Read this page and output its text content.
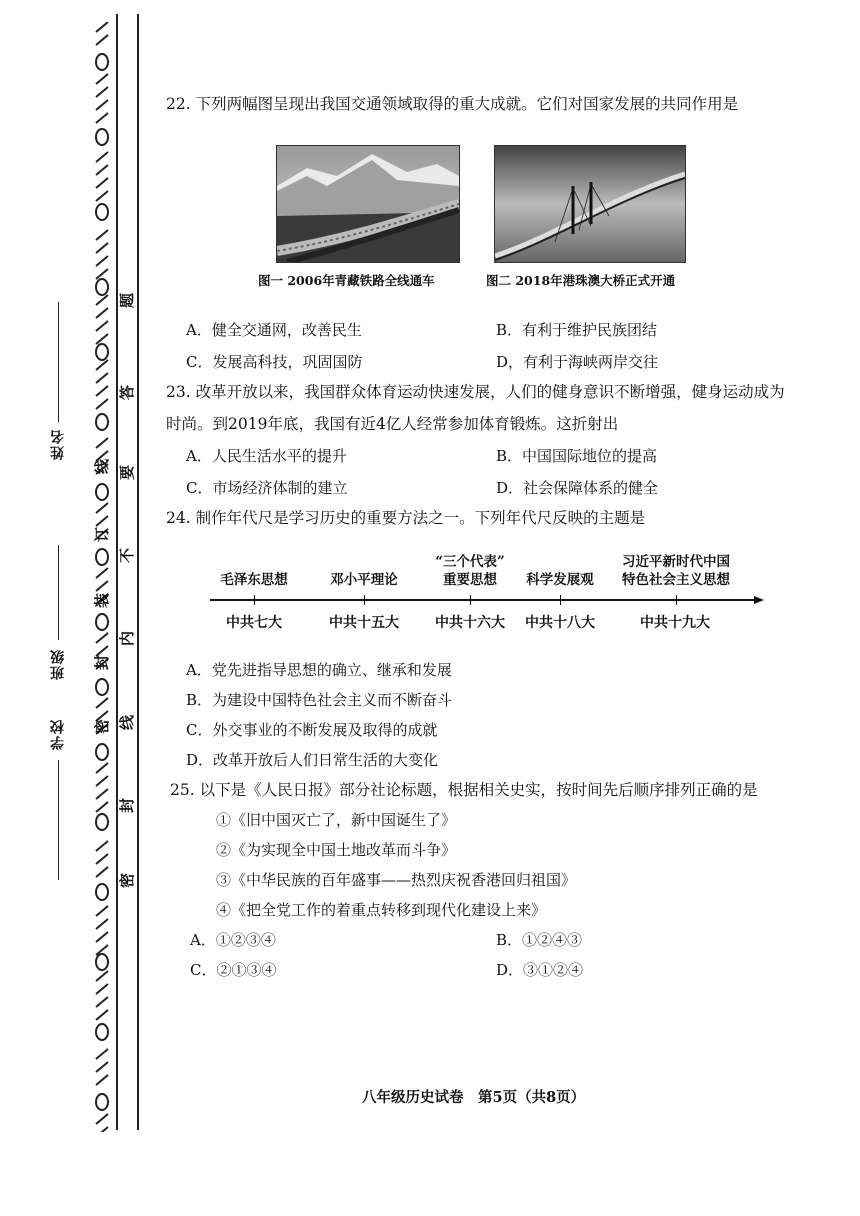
姓名
班级
学校
线
订
装
封
密
题
答
要
不
内
线
封
密
22. 下列两幅图呈现出我国交通领域取得的重大成就。它们对国家发展的共同作用是
图一 2006年青藏铁路全线通车	图二 2018年港珠澳大桥正式开通
A．健全交通网，改善民生	B．有利于维护民族团结
C．发展高科技，巩固国防	D，有利于海峡两岸交往
23. 改革开放以来，我国群众体育运动快速发展，人们的健身意识不断增强，健身运动成为
时尚。到2019年底，我国有近4亿人经常参加体育锻炼。这折射出
A．人民生活水平的提升	B．中国国际地位的提高
C．市场经济体制的建立	D．社会保障体系的健全
24. 制作年代尺是学习历史的重要方法之一。下列年代尺反映的主题是
毛泽东思想	邓小平理论
“三个代表”
重要思想	科学发展观
习近平新时代中国
特色社会主义思想
中共七大	中共十五大	中共十六大	中共十八大	中共十九大
A．党先进指导思想的确立、继承和发展
B．为建设中国特色社会主义而不断奋斗
C．外交事业的不断发展及取得的成就
D．改革开放后人们日常生活的大变化
25. 以下是《人民日报》部分社论标题，根据相关史实，按时间先后顺序排列正确的是
①《旧中国灭亡了，新中国诞生了》
②《为实现全中国土地改革而斗争》
③《中华民族的百年盛事——热烈庆祝香港回归祖国》
④《把全党工作的着重点转移到现代化建设上来》
A．①②③④	B．①②④③
C．②①③④	D．③①②④
八年级历史试卷　第5页（共8页）
